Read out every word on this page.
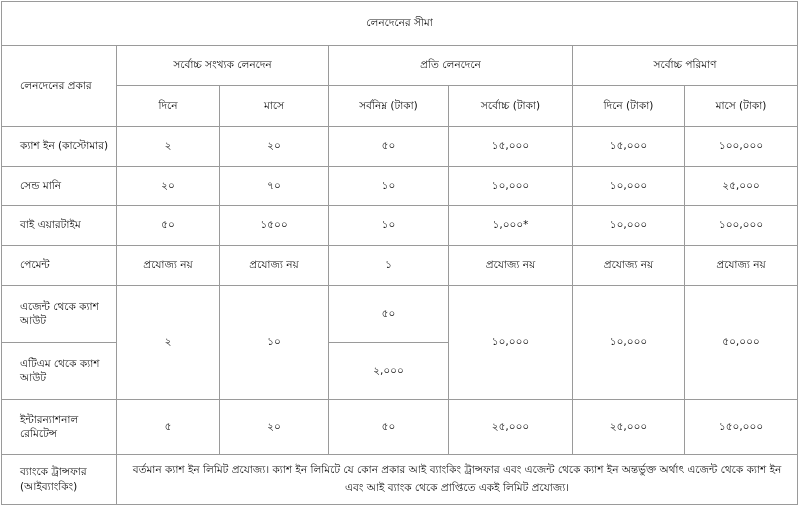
লেনদেনের সীমা						
লেনদেনের প্রকার	সর্বোচ্চ সংখ্যক লেনদেন		প্রতি লেনদেনে		সর্বোচ্চ পরিমাণ	
	দিনে	মাসে	সর্বনিম্ন (টাকা)	সর্বোচ্চ (টাকা)	দিনে (টাকা)	মাসে (টাকা)
ক্যাশ ইন (কাস্টোমার)	২	২০	৫০	১৫,০০০	১৫,০০০	১০০,০০০
সেন্ড মানি	২০	৭০	১০	১০,০০০	১০,০০০	২৫,০০০
বাই এয়ারটাইম	৫০	১৫০০	১০	১,০০০*	১০,০০০	১০০,০০০
পেমেন্ট	প্রযোজ্য নয়	প্রযোজ্য নয়	১	প্রযোজ্য নয়	প্রযোজ্য নয়	প্রযোজ্য নয়
এজেন্ট থেকে ক্যাশ আউট	২	১০	৫০	১০,০০০	১০,০০০	৫০,০০০
এটিএম থেকে ক্যাশ আউট			২,০০০			
ইন্টারন্যাশনাল রেমিটেন্স	৫	২০	৫০	২৫,০০০	২৫,০০০	১৫০,০০০
ব্যাংকে ট্রান্সফার (আইব্যাংকিং)	বর্তমান ক্যাশ ইন লিমিট প্রযোজ্য। ক্যাশ ইন লিমিটে যে কোন প্রকার আই ব্যাংকিং ট্রান্সফার এবং এজেন্ট থেকে ক্যাশ ইন অন্তর্ভুক্ত অর্থাৎ এজেন্ট থেকে ক্যাশ ইন এবং আই ব্যাংক থেকে প্রাপ্তিতে একই লিমিট প্রযোজ্য।					
